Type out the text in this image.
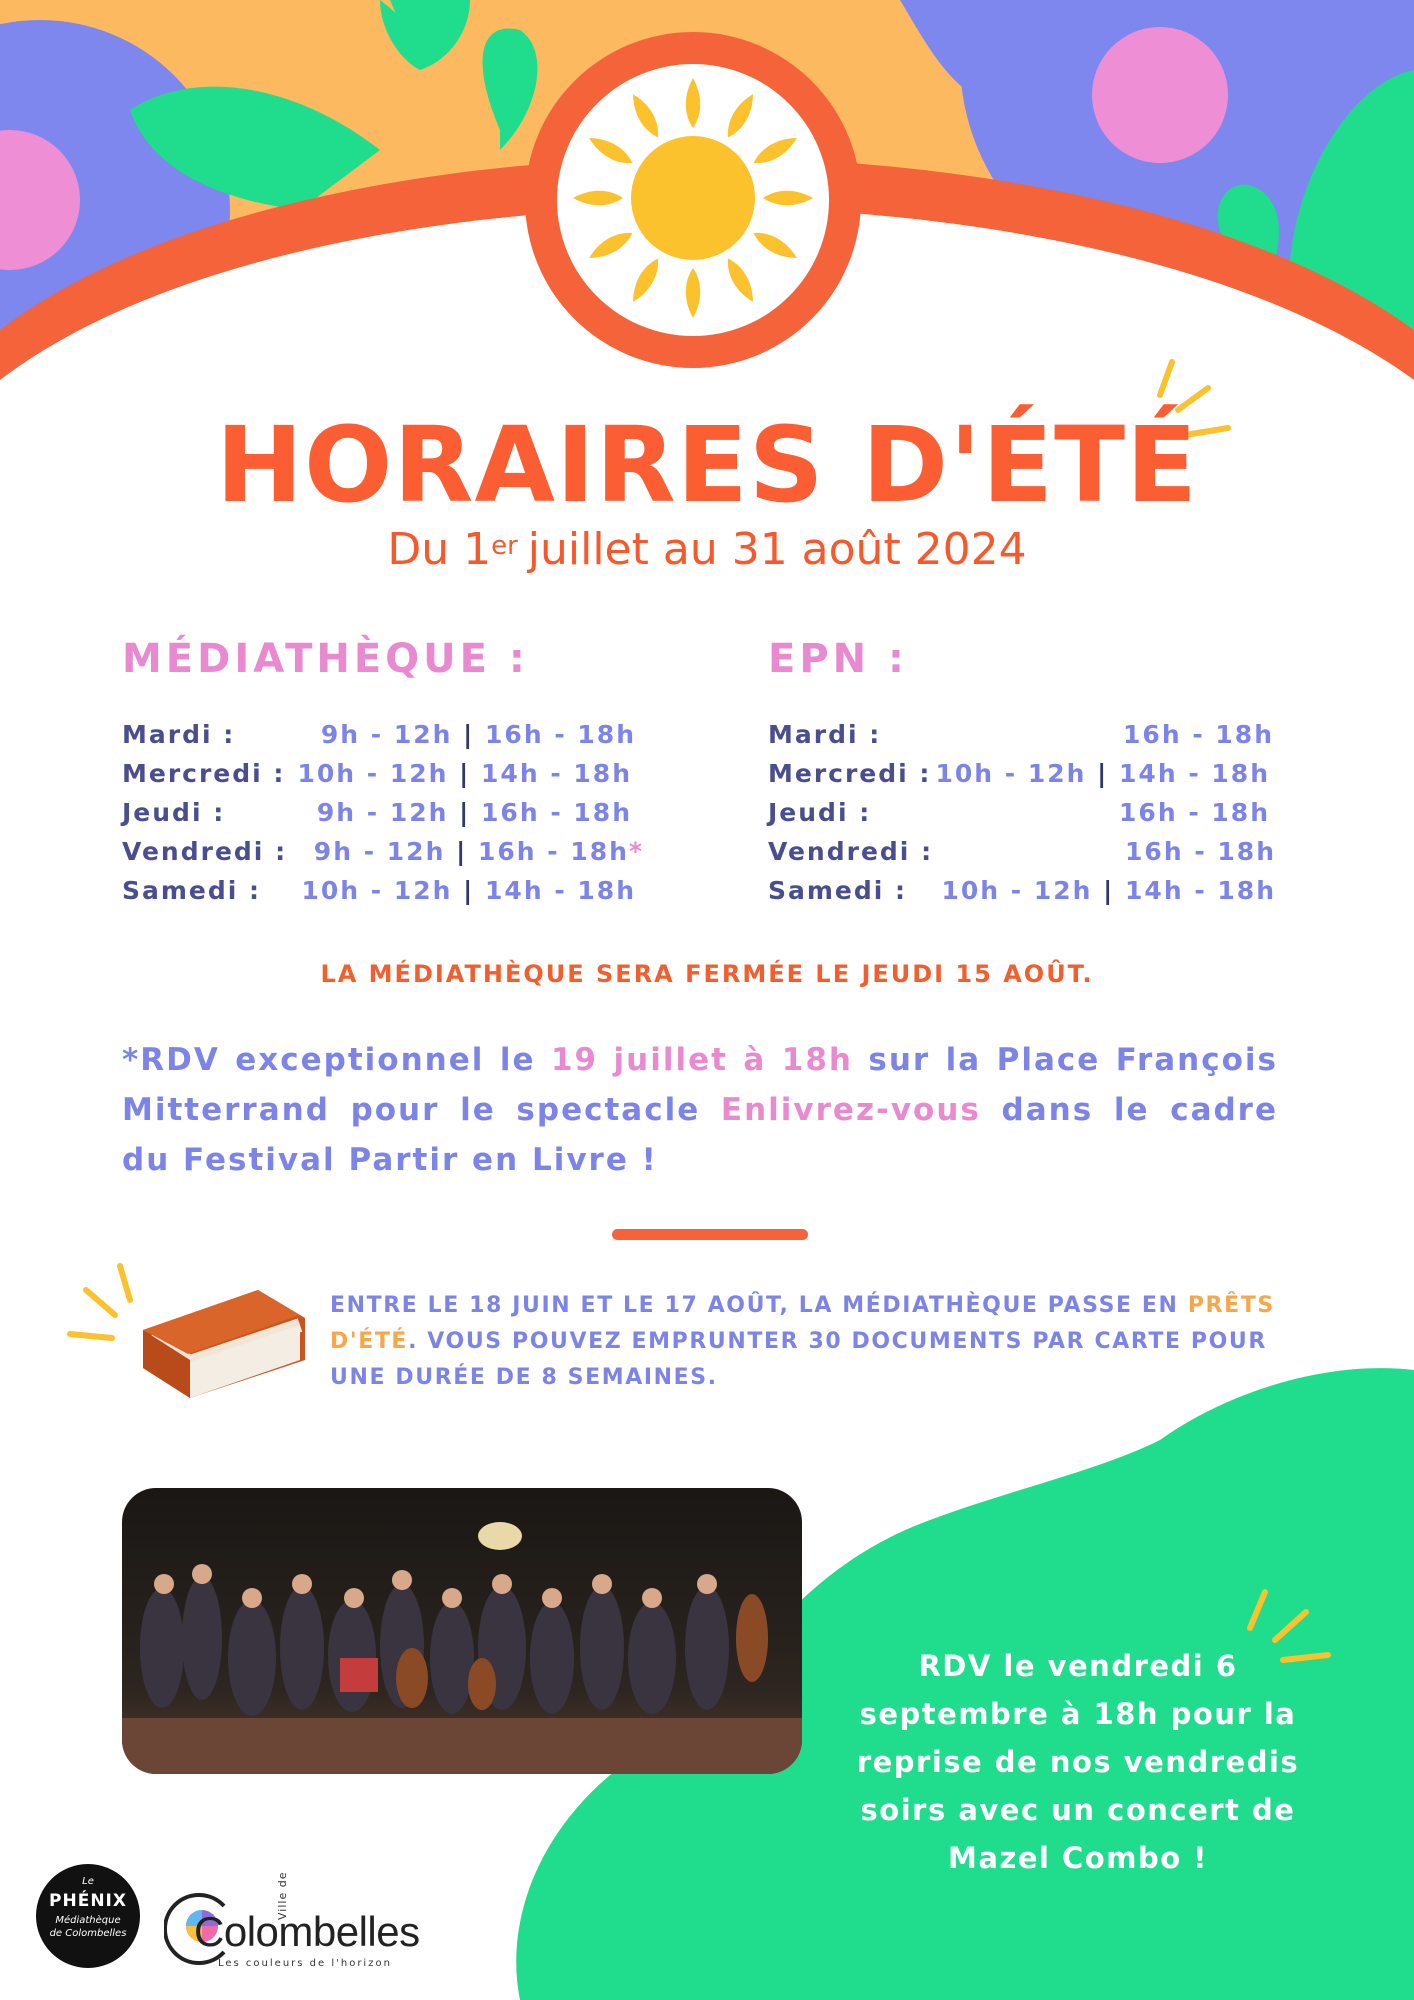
HORAIRES D'ÉTÉ
Du 1er juillet au 31 août 2024
MÉDIATHÈQUE :
Mardi :	9h - 12h | 16h - 18h
Mercredi : 10h - 12h | 14h - 18h
Jeudi :	9h - 12h | 16h - 18h
Vendredi : 9h - 12h | 16h - 18h*
Samedi : 10h - 12h | 14h - 18h
EPN :
Mardi :	16h - 18h
Mercredi : 10h - 12h | 14h - 18h
Jeudi :	16h - 18h
Vendredi :	16h - 18h
Samedi : 10h - 12h | 14h - 18h
LA MÉDIATHÈQUE SERA FERMÉE LE JEUDI 15 AOÛT.
*RDV exceptionnel le 19 juillet à 18h sur la Place François Mitterrand pour le spectacle Enlivrez-vous dans le cadre du Festival Partir en Livre !
ENTRE LE 18 JUIN ET LE 17 AOÛT, LA MÉDIATHÈQUE PASSE EN PRÊTS D'ÉTÉ. VOUS POUVEZ EMPRUNTER 30 DOCUMENTS PAR CARTE POUR UNE DURÉE DE 8 SEMAINES.
RDV le vendredi 6 septembre à 18h pour la reprise de nos vendredis soirs avec un concert de Mazel Combo !
Le
PHÉNIX
Médiathèque
de Colombelles	Colombelles
Ville de
Les couleurs de l'horizon
